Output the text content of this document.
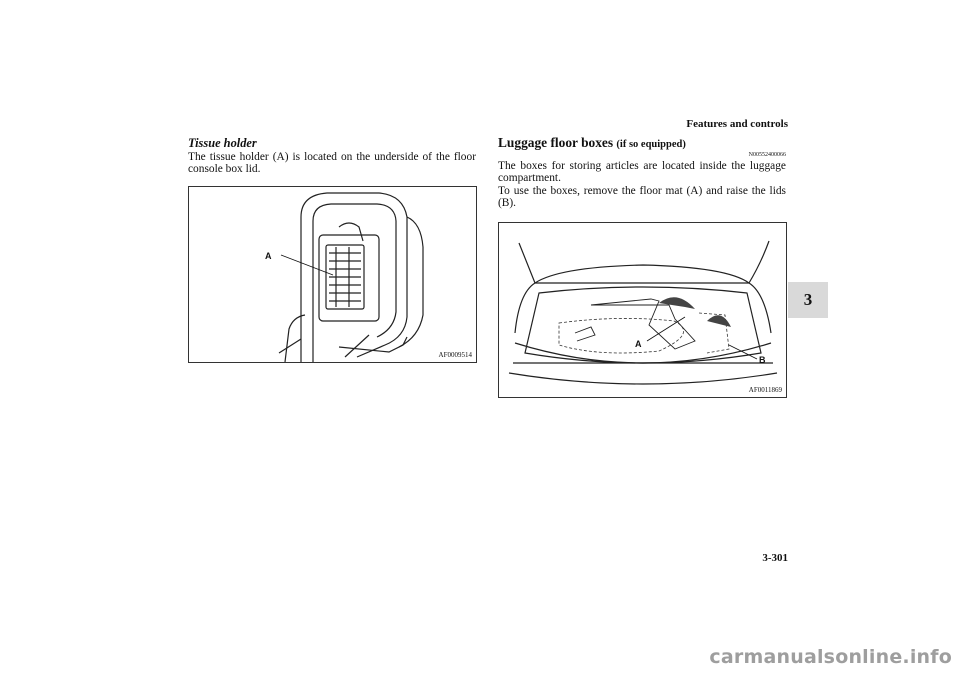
Features and controls
3
Tissue holder

The tissue holder (A) is located on the underside of the floor console box lid.

A
AF0009514
Luggage floor boxes (if so equipped)
N00552400066

The boxes for storing articles are located inside the luggage compartment.

To use the boxes, remove the floor mat (A) and raise the lids (B).

A
B
AF0011869
3-301
carmanualsonline.info
